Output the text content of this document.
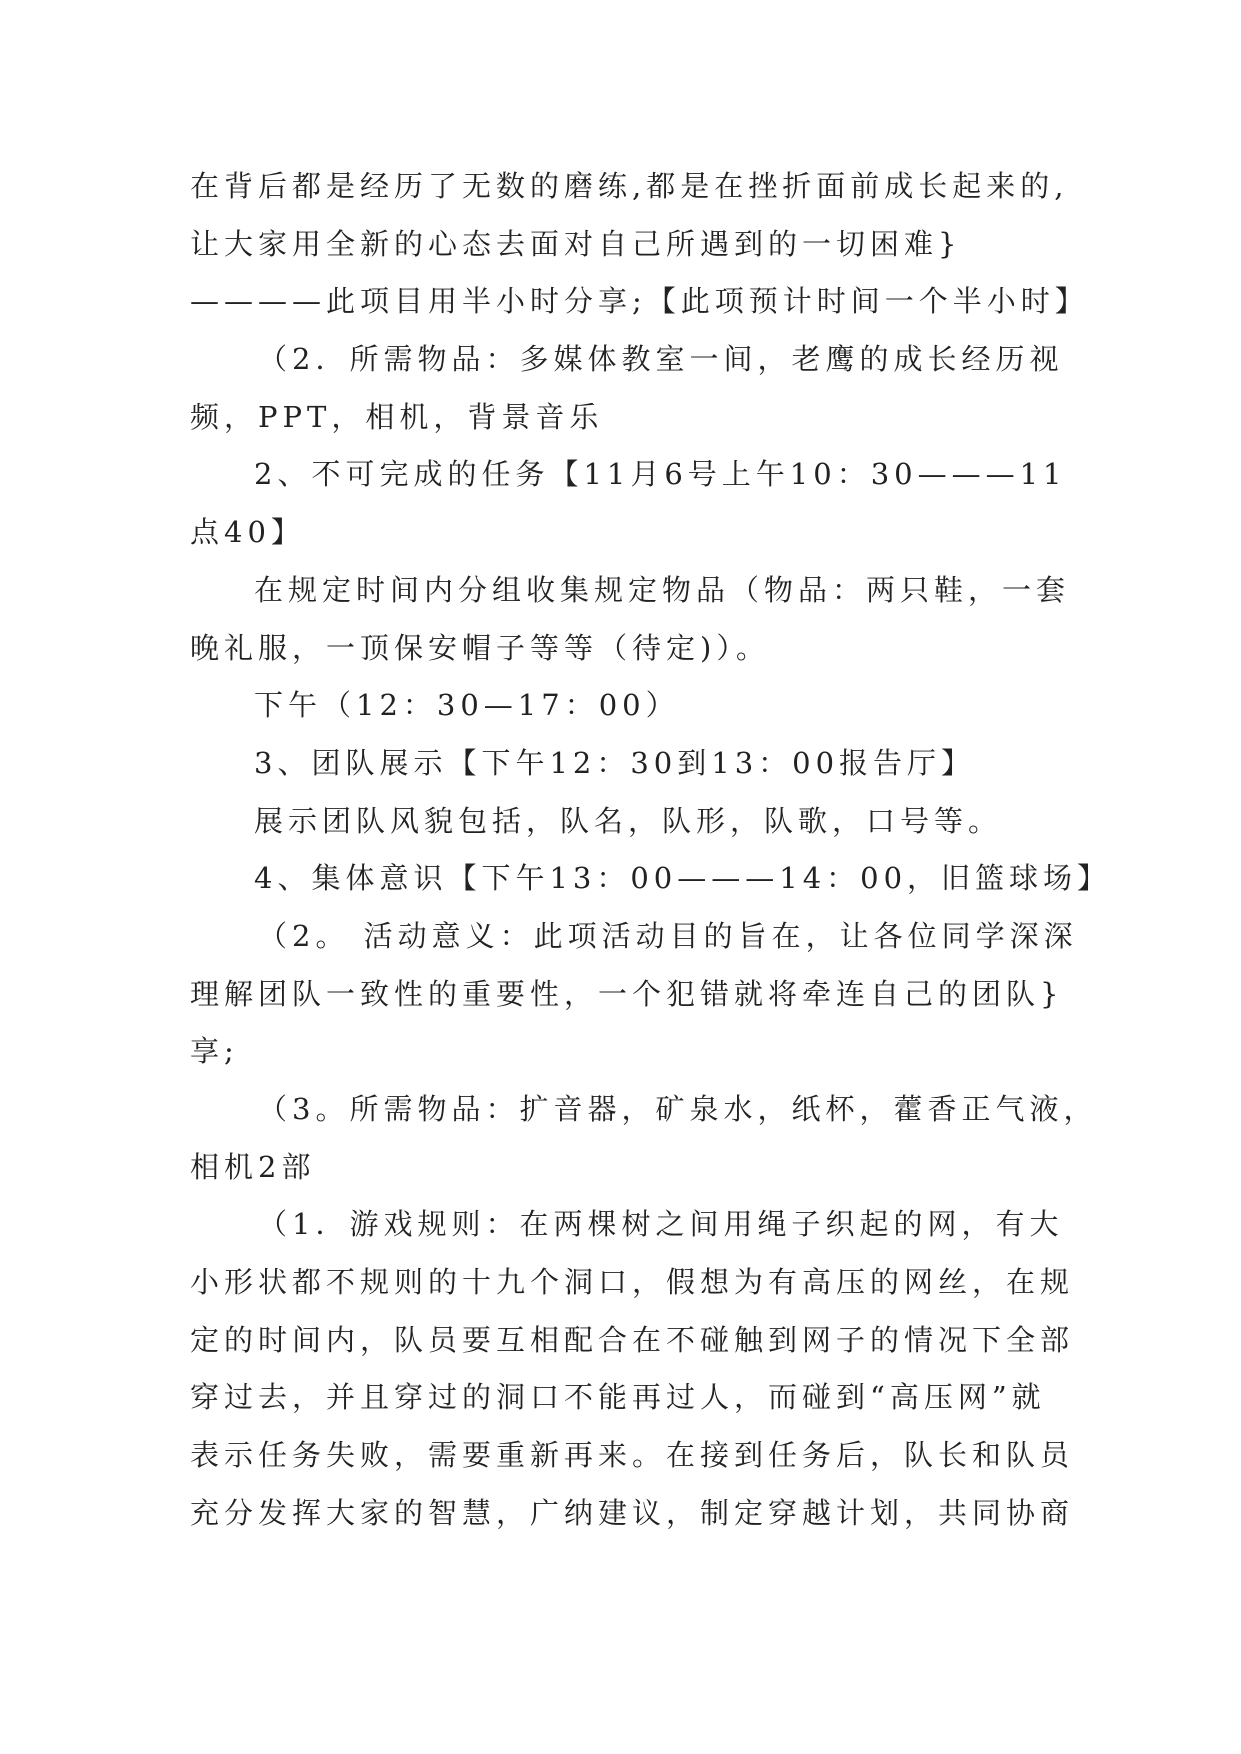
在背后都是经历了无数的磨练,都是在挫折面前成长起来的,
让大家用全新的心态去面对自己所遇到的一切困难}
————此项目用半小时分享;【此项预计时间一个半小时】
（2．所需物品：多媒体教室一间，老鹰的成长经历视
频，PPT，相机，背景音乐
2、不可完成的任务【11月6号上午10：30———11
点40】
在规定时间内分组收集规定物品（物品：两只鞋，一套
晚礼服，一顶保安帽子等等（待定)）。
下午（12：30—17：00）
3、团队展示【下午12：30到13：00报告厅】
展示团队风貌包括，队名，队形，队歌，口号等。
4、集体意识【下午13：00———14：00，旧篮球场】
（2。 活动意义：此项活动目的旨在，让各位同学深深
理解团队一致性的重要性，一个犯错就将牵连自己的团队}
享;
（3。所需物品：扩音器，矿泉水，纸杯，藿香正气液，
相机2部
（1．游戏规则：在两棵树之间用绳子织起的网，有大
小形状都不规则的十九个洞口，假想为有高压的网丝，在规
定的时间内，队员要互相配合在不碰触到网子的情况下全部
穿过去，并且穿过的洞口不能再过人，而碰到“高压网”就
表示任务失败，需要重新再来。在接到任务后，队长和队员
充分发挥大家的智慧，广纳建议，制定穿越计划，共同协商
